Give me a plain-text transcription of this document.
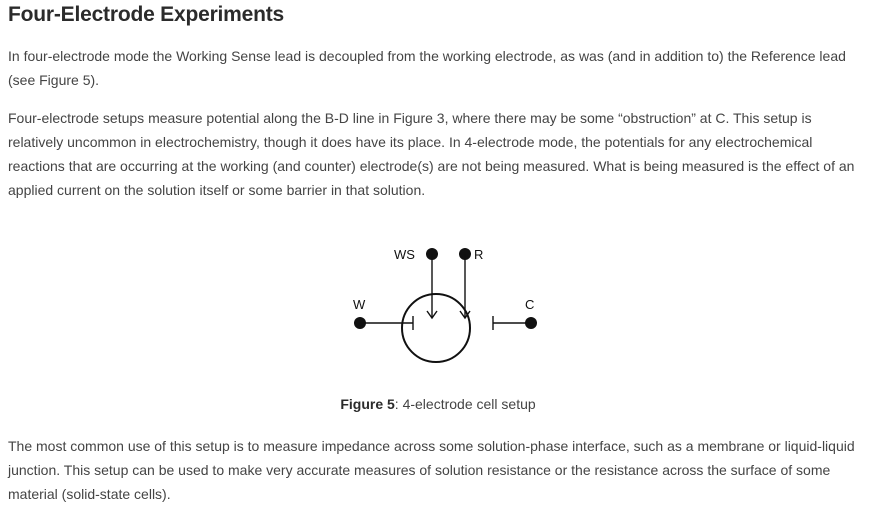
Four-Electrode Experiments

In four-electrode mode the Working Sense lead is decoupled from the working electrode, as was (and in addition to) the Reference lead (see Figure 5).

Four-electrode setups measure potential along the B-D line in Figure 3, where there may be some “obstruction” at C. This setup is relatively uncommon in electrochemistry, though it does have its place. In 4-electrode mode, the potentials for any electrochemical reactions that are occurring at the working (and counter) electrode(s) are not being measured. What is being measured is the effect of an applied current on the solution itself or some barrier in that solution.

WS	R
W	C
Figure 5: 4-electrode cell setup

The most common use of this setup is to measure impedance across some solution-phase interface, such as a membrane or liquid-liquid junction. This setup can be used to make very accurate measures of solution resistance or the resistance across the surface of some material (solid-state cells).
